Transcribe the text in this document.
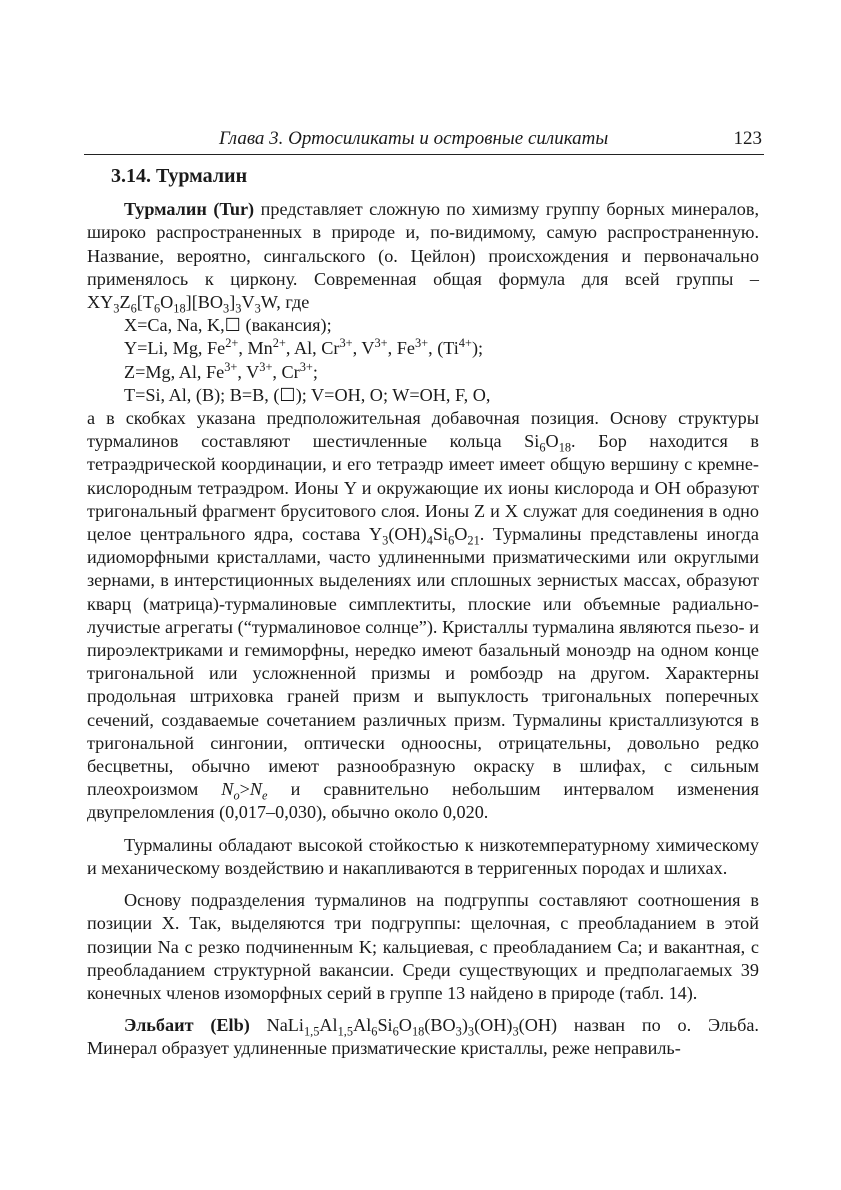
Глава 3. Ортосиликаты и островные силикаты	123
3.14. Турмалин

Турмалин (Tur) представляет сложную по химизму группу борных минералов, широко распространенных в природе и, по-видимому, самую распространенную. Название, вероятно, сингальского (о. Цейлон) происхождения и первоначально применялось к циркону. Современная общая формула для всей группы – $XY_3Z_6[T_6O_{18}][BO_3]_3V_3W$, где

X=Ca, Na, K,☐ (вакансия);

Y=Li, Mg, $Fe^{2+}$, $Mn^{2+}$, Al, $Cr^{3+}$, $V^{3+}$, $Fe^{3+}$, $(Ti^{4+})$;

Z=Mg, Al, $Fe^{3+}$, $V^{3+}$, $Cr^{3+}$;

T=Si, Al, (B); B=B, (☐); V=OH, O; W=OH, F, O,

а в скобках указана предположительная добавочная позиция. Основу структуры турмалинов составляют шестичленные кольца $Si_6O_{18}$. Бор находится в тетраэдрической координации, и его тетраэдр имеет имеет общую вершину с кремне-кислородным тетраэдром. Ионы Y и окружающие их ионы кислорода и OH образуют тригональный фрагмент бруситового слоя. Ионы Z и X служат для соединения в одно целое центрального ядра, состава $Y_3(OH)_4Si_6O_{21}$. Турмалины представлены иногда идиоморфными кристаллами, часто удлиненными призматическими или округлыми зернами, в интерстиционных выделениях или сплошных зернистых массах, образуют кварц (матрица)-турмалиновые симплектиты, плоские или объемные радиально-лучистые агрегаты (“турмалиновое солнце”). Кристаллы турмалина являются пьезо- и пироэлектриками и гемиморфны, нередко имеют базальный моноэдр на одном конце тригональной или усложненной призмы и ромбоэдр на другом. Характерны продольная штриховка граней призм и выпуклость тригональных поперечных сечений, создаваемые сочетанием различных призм. Турмалины кристаллизуются в тригональной сингонии, оптически одноосны, отрицательны, довольно редко бесцветны, обычно имеют разнообразную окраску в шлифах, с сильным плеохроизмом $N_o>N_e$ и сравнительно небольшим интервалом изменения двупреломления (0,017–0,030), обычно около 0,020.

Турмалины обладают высокой стойкостью к низкотемпературному химическому и механическому воздействию и накапливаются в терригенных породах и шлихах.

Основу подразделения турмалинов на подгруппы составляют соотношения в позиции X. Так, выделяются три подгруппы: щелочная, с преобладанием в этой позиции Na с резко подчиненным K; кальциевая, с преобладанием Ca; и вакантная, с преобладанием структурной вакансии. Среди существующих и предполагаемых 39 конечных членов изоморфных серий в группе 13 найдено в природе (табл. 14).

Эльбаит (Elb) $NaLi_{1,5}Al_{1,5}Al_6Si_6O_{18}(BO_3)_3(OH)_3(OH)$ назван по о. Эльба. Минерал образует удлиненные призматические кристаллы, реже неправиль-
